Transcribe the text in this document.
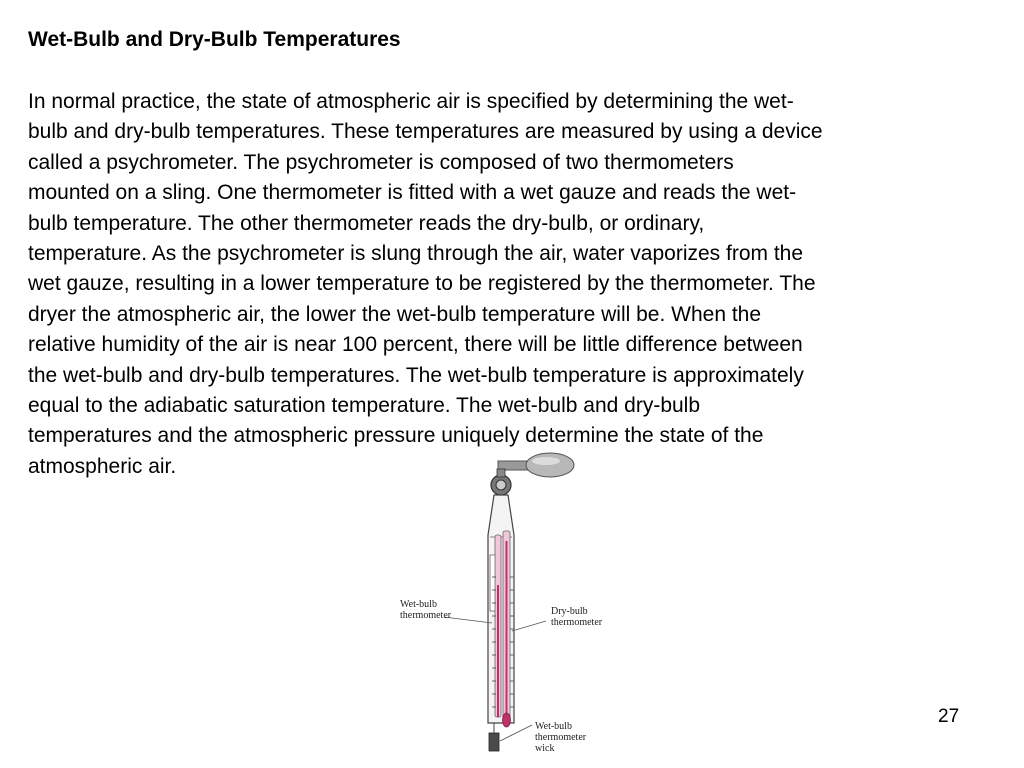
Wet-Bulb and Dry-Bulb Temperatures
In normal practice, the state of atmospheric air is specified by determining the wet-
bulb and dry-bulb temperatures. These temperatures are measured by using a device
called a psychrometer. The psychrometer is composed of two thermometers
mounted on a sling. One thermometer is fitted with a wet gauze and reads the wet-
bulb temperature. The other thermometer reads the dry-bulb, or ordinary,
temperature. As the psychrometer is slung through the air, water vaporizes from the
wet gauze, resulting in a lower temperature to be registered by the thermometer. The
dryer the atmospheric air, the lower the wet-bulb temperature will be. When the
relative humidity of the air is near 100 percent, there will be little difference between
the wet-bulb and dry-bulb temperatures. The wet-bulb temperature is approximately
equal to the adiabatic saturation temperature. The wet-bulb and dry-bulb
temperatures and the atmospheric pressure uniquely determine the state of the
atmospheric air.
Wet-bulb
thermometer	Dry-bulb
thermometer
Wet-bulb
thermometer
wick
27
